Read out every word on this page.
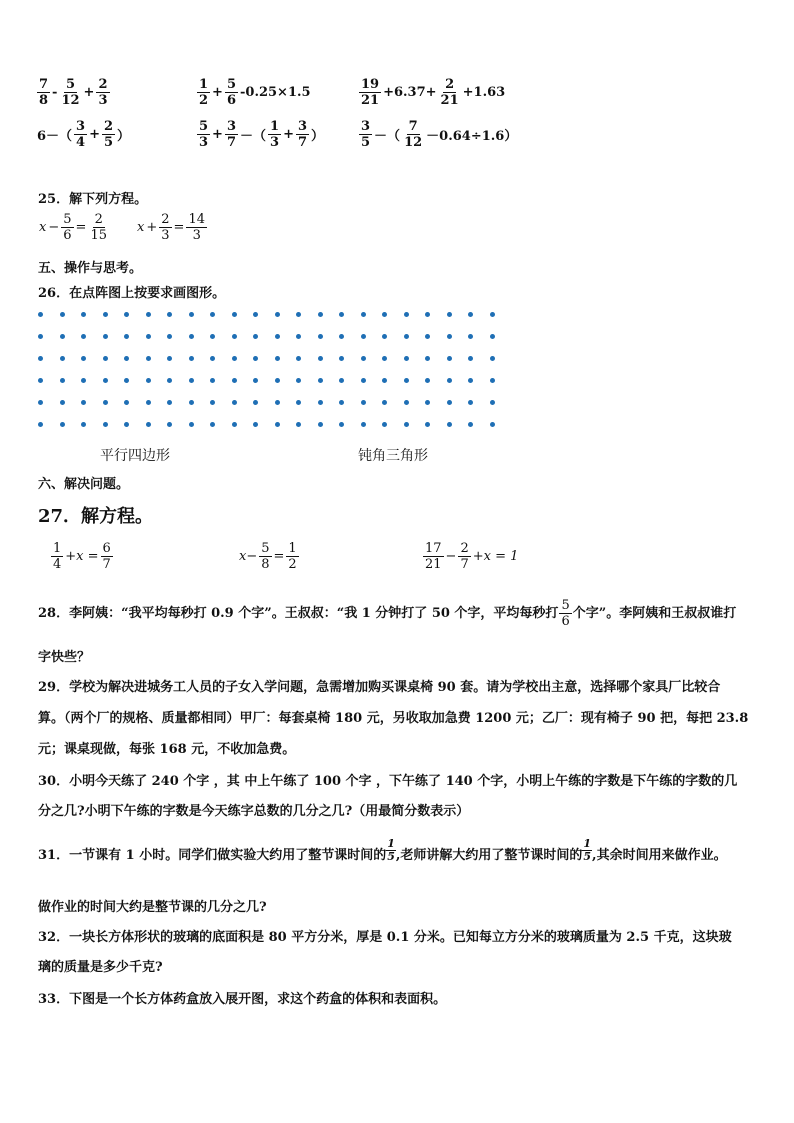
$\frac{7}{8} - \frac{5}{12} + \frac{2}{3}$	$\frac{1}{2} + \frac{5}{6} -0.25\times 1.5$	$\frac{19}{21} +6.37+ \frac{2}{21} +1.63$
$6-( \frac{3}{4} + \frac{2}{5}$ ）	$\frac{5}{3} + \frac{3}{7}$ －（ $\frac{1}{3} + \frac{3}{7}$ ）	$\frac{3}{5}$ －（ $\frac{7}{12} -0.64\div 1.6$）
25．解下列方程。
$x - \frac{5}{6} = \frac{2}{15}$ $x + \frac{2}{3} = \frac{14}{3}$
五、操作与思考。
26．在点阵图上按要求画图形。
平行四边形	钝角三角形
六、解决问题。
27．解方程。
$\frac{1}{4} +x = \frac{6}{7}$	$x- \frac{5}{8} = \frac{1}{2}$	$\frac{17}{21} - \frac{2}{7} +x = 1$
28．李阿姨：“我平均每秒打 0.9 个字”。王叔叔：“我 1 分钟打了 50 个字，平均每秒打 $\frac{5}{6}$ 个字”。李阿姨和王叔叔谁打
字快些？
29．学校为解决进城务工人员的子女入学问题，急需增加购买课桌椅 90 套。请为学校出主意，选择哪个家具厂比较合
算。（两个厂的规格、质量都相同）甲厂：每套桌椅 180 元，另收取加急费 1200 元；乙厂：现有椅子 90 把，每把 23.8
元；课桌现做，每张 168 元，不收加急费。
30．小明今天练了 240 个字 ，其 中上午练了 100 个字 ，下午练了 140 个字，小明上午练的字数是下午练的字数的几
分之几?小明下午练的字数是今天练字总数的几分之几?（用最简分数表示）
31．一节课有 1 小时。同学们做实验大约用了整节课时间的 $\frac{1}{5}$ ,老师讲解大约用了整节课时间的 $\frac{1}{5}$ ,其余时间用来做作业。
做作业的时间大约是整节课的几分之几?
32．一块长方体形状的玻璃的底面积是 80 平方分米，厚是 0.1 分米。已知每立方分米的玻璃质量为 2.5 千克，这块玻
璃的质量是多少千克?
33．下图是一个长方体药盒放入展开图，求这个药盒的体积和表面积。
